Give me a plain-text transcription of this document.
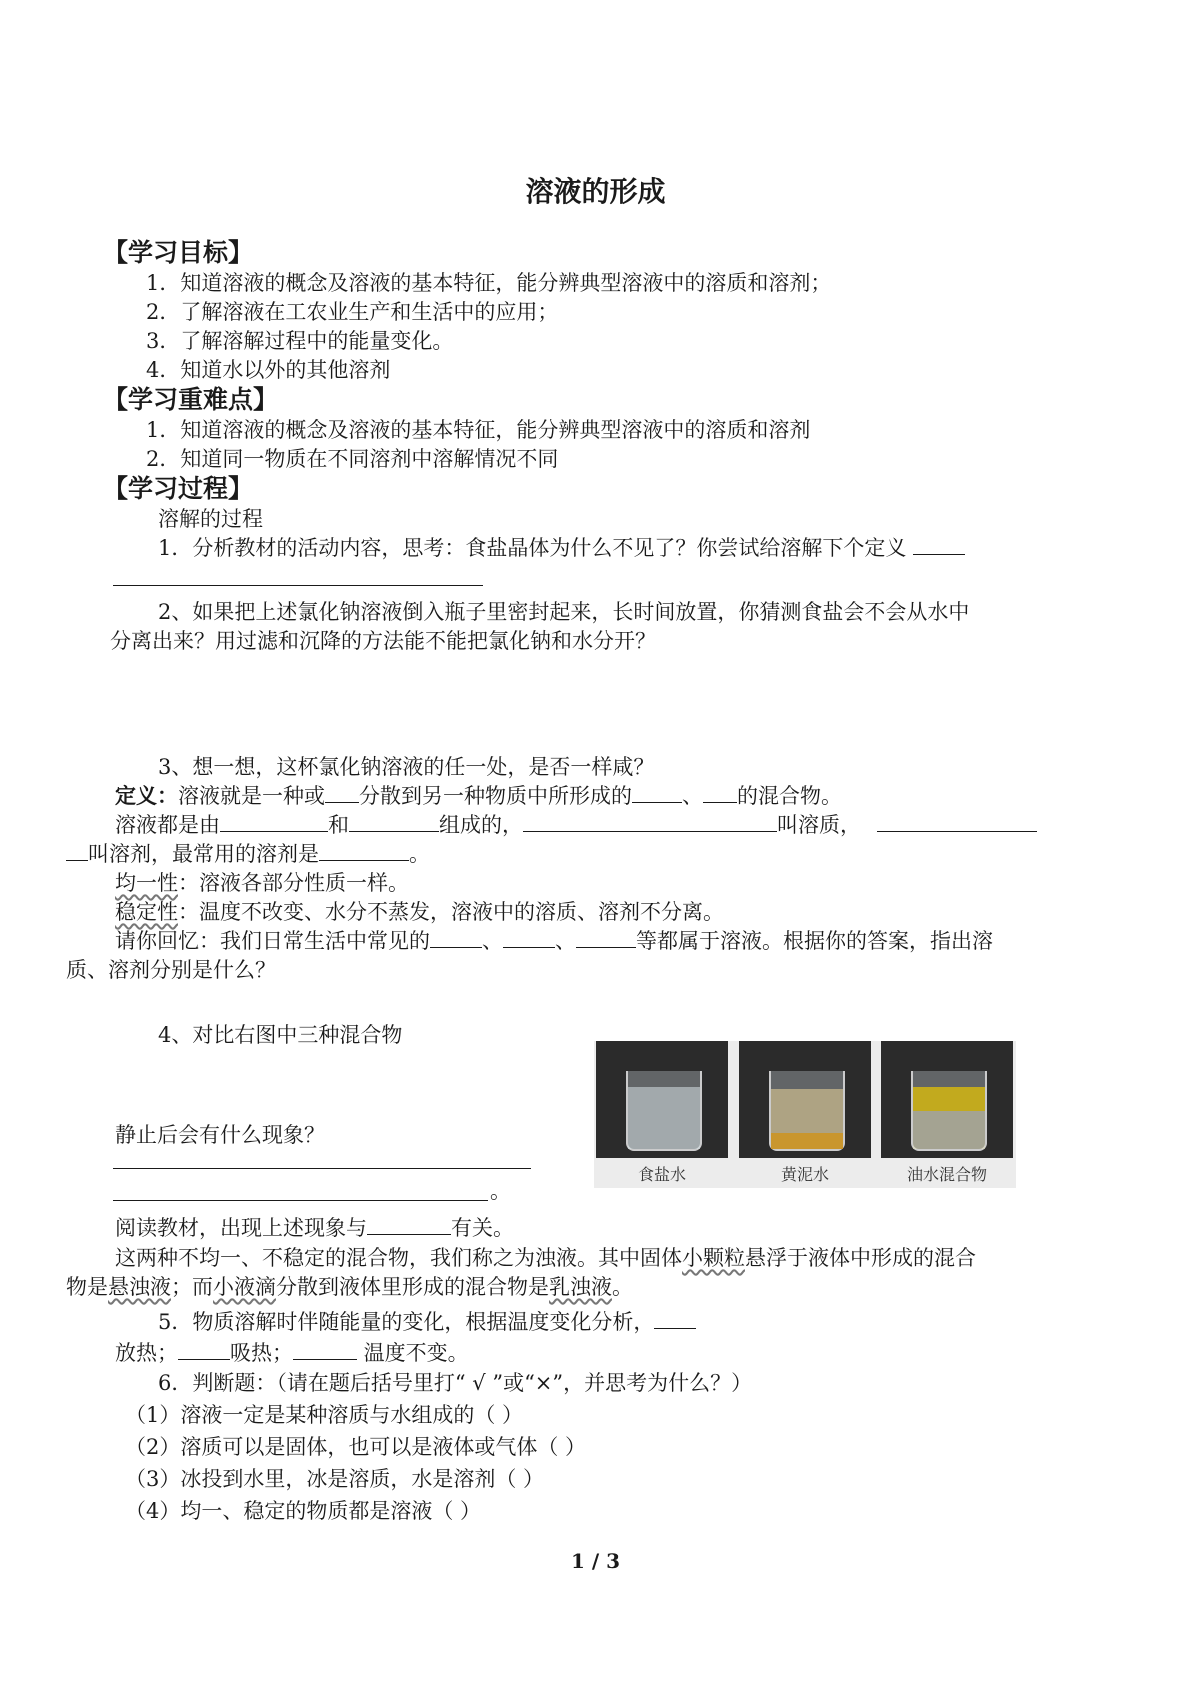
溶液的形成
【学习目标】
1．知道溶液的概念及溶液的基本特征，能分辨典型溶液中的溶质和溶剂；
2．了解溶液在工农业生产和生活中的应用；
3．了解溶解过程中的能量变化。
4．知道水以外的其他溶剂
【学习重难点】
1．知道溶液的概念及溶液的基本特征，能分辨典型溶液中的溶质和溶剂
2．知道同一物质在不同溶剂中溶解情况不同
【学习过程】
溶解的过程
1．分析教材的活动内容，思考：食盐晶体为什么不见了？你尝试给溶解下个定义
2、如果把上述氯化钠溶液倒入瓶子里密封起来，长时间放置，你猜测食盐会不会从水中
分离出来？用过滤和沉降的方法能不能把氯化钠和水分开？
3、想一想，这杯氯化钠溶液的任一处，是否一样咸？
定义：溶液就是一种或 分散到另一种物质中所形成的 、 的混合物。
溶液都是由	和	组成的，	叫溶质，
叫溶剂，最常用的溶剂是	。
均一性：溶液各部分性质一样。
稳定性：温度不改变、水分不蒸发，溶液中的溶质、溶剂不分离。
请你回忆：我们日常生活中常见的 、 、	等都属于溶液。根据你的答案，指出溶
质、溶剂分别是什么？
4、对比右图中三种混合物
食盐水	黄泥水	油水混合物
静止后会有什么现象？
。
阅读教材，出现上述现象与	有关。
这两种不均一、不稳定的混合物，我们称之为浊液。其中固体小颗粒悬浮于液体中形成的混合
物是悬浊液；而小液滴分散到液体里形成的混合物是乳浊液。
5．物质溶解时伴随能量的变化，根据温度变化分析，
放热； 吸热；	温度不变。
6．判断题：（请在题后括号里打“ √ ”或“×”，并思考为什么？）
（1）溶液一定是某种溶质与水组成的（ ）
（2）溶质可以是固体，也可以是液体或气体（ ）
（3）冰投到水里，冰是溶质，水是溶剂（ ）
（4）均一、稳定的物质都是溶液（ ）
1 / 3
